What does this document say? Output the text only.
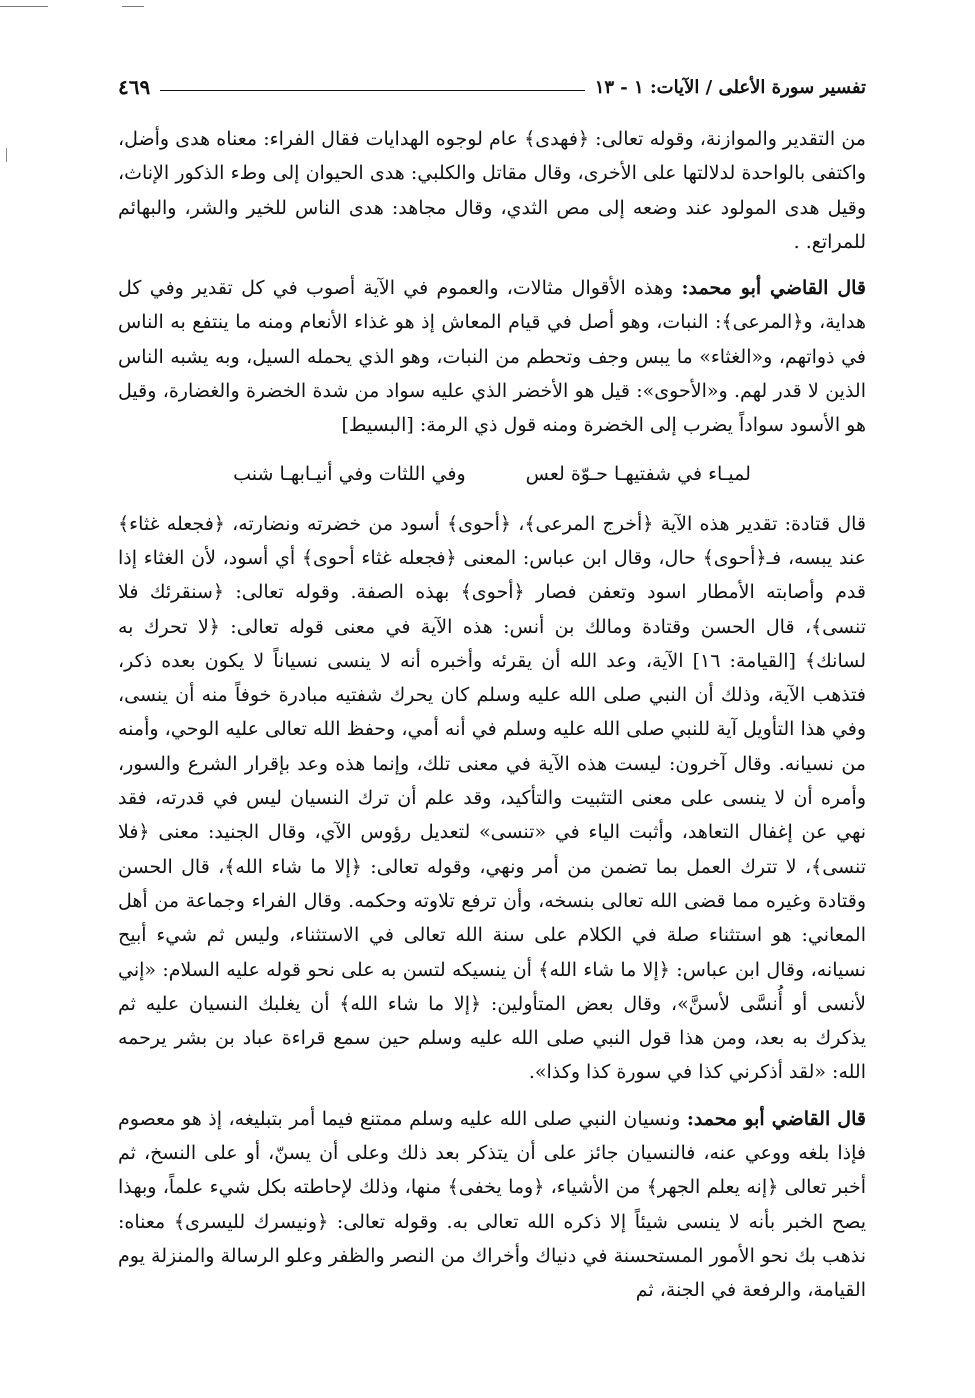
تفسير سورة الأعلى / الآيات: ١ - ١٣
٤٦٩

من التقدير والموازنة، وقوله تعالى: ﴿فهدى﴾ عام لوجوه الهدايات فقال الفراء: معناه هدى وأضل، واكتفى بالواحدة لدلالتها على الأخرى، وقال مقاتل والكلبي: هدى الحيوان إلى وطء الذكور الإناث، وقيل هدى المولود عند وضعه إلى مص الثدي، وقال مجاهد: هدى الناس للخير والشر، والبهائم للمراتع. .

قال القاضي أبو محمد: وهذه الأقوال مثالات، والعموم في الآية أصوب في كل تقدير وفي كل هداية، و﴿المرعى﴾: النبات، وهو أصل في قيام المعاش إذ هو غذاء الأنعام ومنه ما ينتفع به الناس في ذواتهم، و«الغثاء» ما يبس وجف وتحطم من النبات، وهو الذي يحمله السيل، وبه يشبه الناس الذين لا قدر لهم. و«الأحوى»: قيل هو الأخضر الذي عليه سواد من شدة الخضرة والغضارة، وقيل هو الأسود سواداً يضرب إلى الخضرة ومنه قول ذي الرمة: [البسيط]

لميـاء في شفتيهـا حـوّة لعس
وفي اللثات وفي أنيـابهـا شنب

قال قتادة: تقدير هذه الآية ﴿أخرج المرعى﴾، ﴿أحوى﴾ أسود من خضرته ونضارته، ﴿فجعله غثاء﴾ عند يبسه، فـ﴿أحوى﴾ حال، وقال ابن عباس: المعنى ﴿فجعله غثاء أحوى﴾ أي أسود، لأن الغثاء إذا قدم وأصابته الأمطار اسود وتعفن فصار ﴿أحوى﴾ بهذه الصفة. وقوله تعالى: ﴿سنقرئك فلا تنسى﴾، قال الحسن وقتادة ومالك بن أنس: هذه الآية في معنى قوله تعالى: ﴿لا تحرك به لسانك﴾ [القيامة: ١٦] الآية، وعد الله أن يقرئه وأخبره أنه لا ينسى نسياناً لا يكون بعده ذكر، فتذهب الآية، وذلك أن النبي صلى الله عليه وسلم كان يحرك شفتيه مبادرة خوفاً منه أن ينسى، وفي هذا التأويل آية للنبي صلى الله عليه وسلم في أنه أمي، وحفظ الله تعالى عليه الوحي، وأمنه من نسيانه. وقال آخرون: ليست هذه الآية في معنى تلك، وإنما هذه وعد بإقرار الشرع والسور، وأمره أن لا ينسى على معنى التثبيت والتأكيد، وقد علم أن ترك النسيان ليس في قدرته، فقد نهي عن إغفال التعاهد، وأثبت الياء في «تنسى» لتعديل رؤوس الآي، وقال الجنيد: معنى ﴿فلا تنسى﴾، لا تترك العمل بما تضمن من أمر ونهي، وقوله تعالى: ﴿إلا ما شاء الله﴾، قال الحسن وقتادة وغيره مما قضى الله تعالى بنسخه، وأن ترفع تلاوته وحكمه. وقال الفراء وجماعة من أهل المعاني: هو استثناء صلة في الكلام على سنة الله تعالى في الاستثناء، وليس ثم شيء أبيح نسيانه، وقال ابن عباس: ﴿إلا ما شاء الله﴾ أن ينسيكه لتسن به على نحو قوله عليه السلام: «إني لأنسى أو أُنسَّى لأسنَّ»، وقال بعض المتأولين: ﴿إلا ما شاء الله﴾ أن يغلبك النسيان عليه ثم يذكرك به بعد، ومن هذا قول النبي صلى الله عليه وسلم حين سمع قراءة عباد بن بشر يرحمه الله: «لقد أذكرني كذا في سورة كذا وكذا».

قال القاضي أبو محمد: ونسيان النبي صلى الله عليه وسلم ممتنع فيما أمر بتبليغه، إذ هو معصوم فإذا بلغه ووعي عنه، فالنسيان جائز على أن يتذكر بعد ذلك وعلى أن يسنّ، أو على النسخ، ثم أخبر تعالى ﴿إنه يعلم الجهر﴾ من الأشياء، ﴿وما يخفى﴾ منها، وذلك لإحاطته بكل شيء علماً، وبهذا يصح الخبر بأنه لا ينسى شيئاً إلا ذكره الله تعالى به. وقوله تعالى: ﴿ونيسرك لليسرى﴾ معناه: نذهب بك نحو الأمور المستحسنة في دنياك وأخراك من النصر والظفر وعلو الرسالة والمنزلة يوم القيامة، والرفعة في الجنة، ثم
